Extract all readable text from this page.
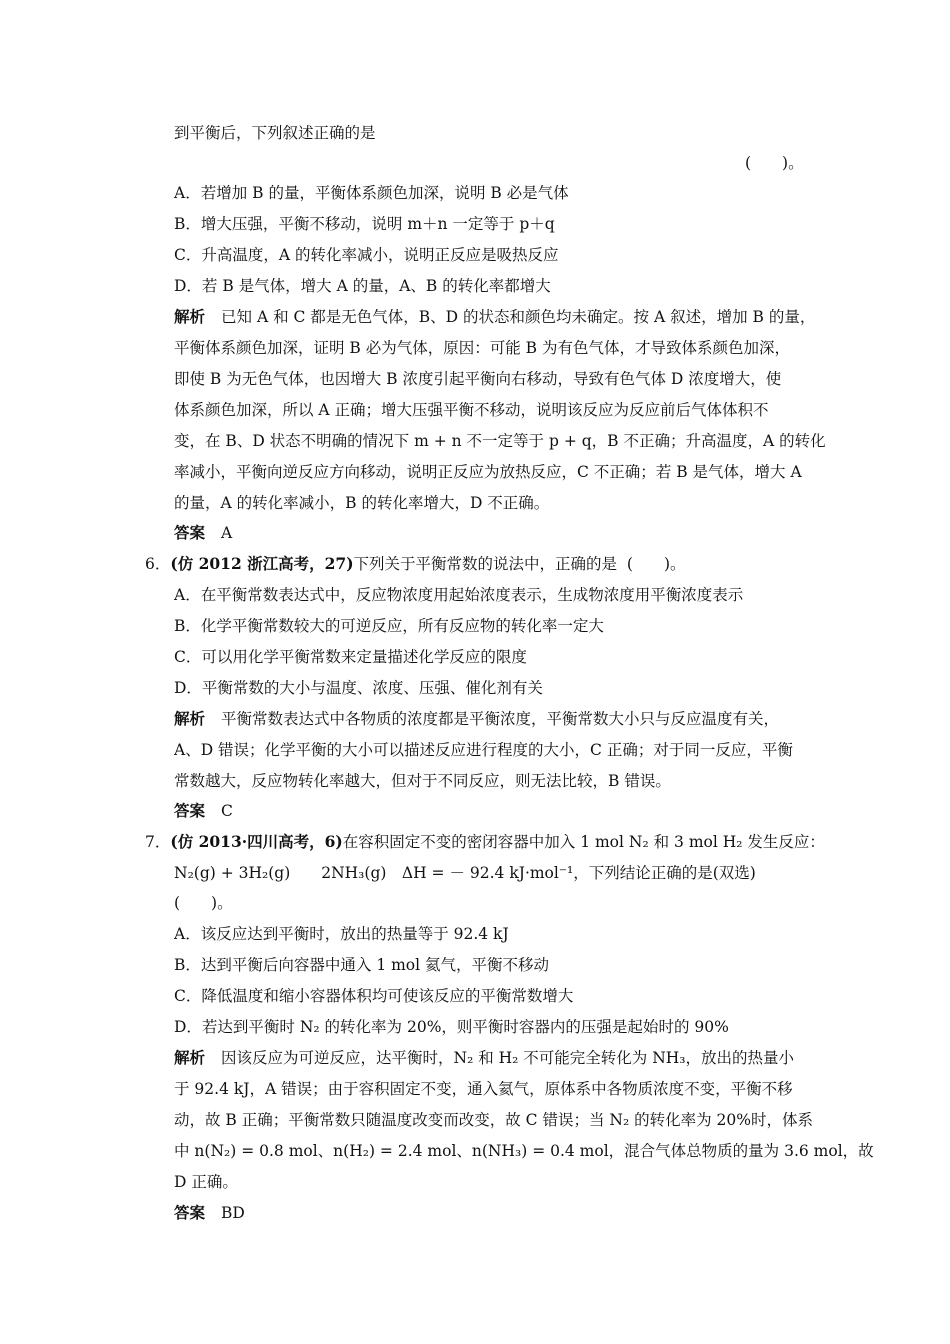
到平衡后，下列叙述正确的是
(　　)。
A．若增加 B 的量，平衡体系颜色加深，说明 B 必是气体
B．增大压强，平衡不移动，说明 m＋n 一定等于 p＋q
C．升高温度，A 的转化率减小，说明正反应是吸热反应
D．若 B 是气体，增大 A 的量，A、B 的转化率都增大
解析 已知 A 和 C 都是无色气体，B、D 的状态和颜色均未确定。按 A 叙述，增加 B 的量，
平衡体系颜色加深，证明 B 必为气体，原因：可能 B 为有色气体，才导致体系颜色加深，
即使 B 为无色气体，也因增大 B 浓度引起平衡向右移动，导致有色气体 D 浓度增大，使
体系颜色加深，所以 A 正确；增大压强平衡不移动，说明该反应为反应前后气体体积不
变，在 B、D 状态不明确的情况下 m + n 不一定等于 p + q，B 不正确；升高温度，A 的转化
率减小，平衡向逆反应方向移动，说明正反应为放热反应，C 不正确；若 B 是气体，增大 A
的量，A 的转化率减小，B 的转化率增大，D 不正确。
答案 A
6．(仿 2012 浙江高考，27)下列关于平衡常数的说法中，正确的是 (　　)。
A．在平衡常数表达式中，反应物浓度用起始浓度表示，生成物浓度用平衡浓度表示
B．化学平衡常数较大的可逆反应，所有反应物的转化率一定大
C．可以用化学平衡常数来定量描述化学反应的限度
D．平衡常数的大小与温度、浓度、压强、催化剂有关
解析 平衡常数表达式中各物质的浓度都是平衡浓度，平衡常数大小只与反应温度有关，
A、D 错误；化学平衡的大小可以描述反应进行程度的大小，C 正确；对于同一反应，平衡
常数越大，反应物转化率越大，但对于不同反应，则无法比较，B 错误。
答案 C
7．(仿 2013·四川高考，6)在容积固定不变的密闭容器中加入 1 mol N₂ 和 3 mol H₂ 发生反应：
N₂(g) + 3H₂(g)　　2NH₃(g)　ΔH = － 92.4 kJ·mol⁻¹，下列结论正确的是(双选)
(　　)。
A．该反应达到平衡时，放出的热量等于 92.4 kJ
B．达到平衡后向容器中通入 1 mol 氦气，平衡不移动
C．降低温度和缩小容器体积均可使该反应的平衡常数增大
D．若达到平衡时 N₂ 的转化率为 20%，则平衡时容器内的压强是起始时的 90%
解析 因该反应为可逆反应，达平衡时，N₂ 和 H₂ 不可能完全转化为 NH₃，放出的热量小
于 92.4 kJ，A 错误；由于容积固定不变，通入氦气，原体系中各物质浓度不变，平衡不移
动，故 B 正确；平衡常数只随温度改变而改变，故 C 错误；当 N₂ 的转化率为 20%时，体系
中 n(N₂) = 0.8 mol、n(H₂) = 2.4 mol、n(NH₃) = 0.4 mol，混合气体总物质的量为 3.6 mol，故
D 正确。
答案 BD
